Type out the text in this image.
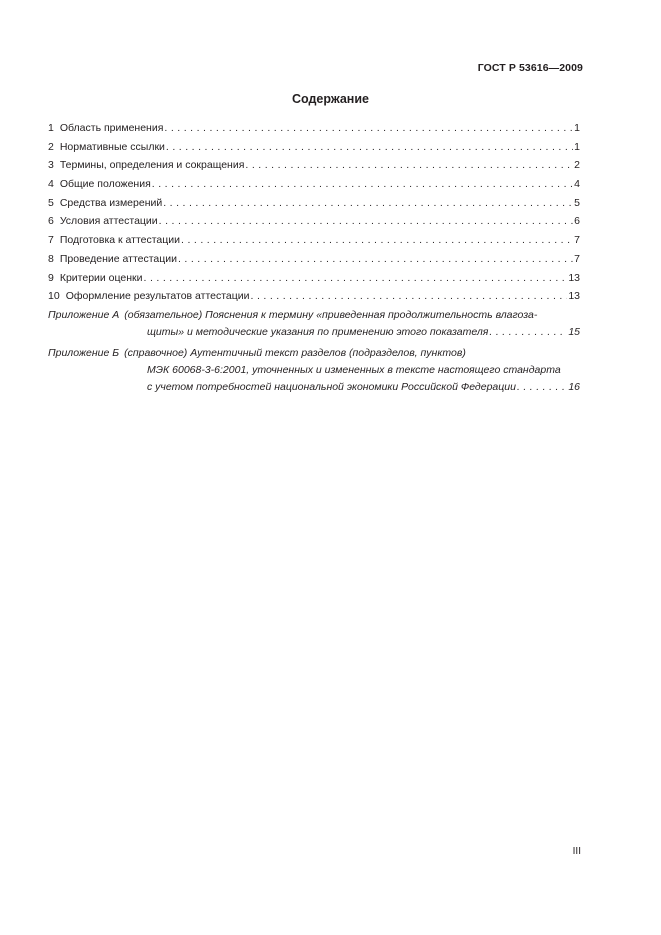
ГОСТ Р 53616—2009
Содержание
1 Область применения . . .	1
2 Нормативные ссылки . . .	1
3 Термины, определения и сокращения . . .	2
4 Общие положения . . .	4
5 Средства измерений . . .	5
6 Условия аттестации . . .	6
7 Подготовка к аттестации . . .	7
8 Проведение аттестации . . .	7
9 Критерии оценки . . .	13
10 Оформление результатов аттестации . . .	13
Приложение А (обязательное) Пояснения к термину «приведенная продолжительность влагоза-
щиты» и методические указания по применению этого показателя . . .	15
Приложение Б (справочное) Аутентичный текст разделов (подразделов, пунктов)
МЭК 60068-3-6:2001, уточненных и измененных в тексте настоящего стандарта
с учетом потребностей национальной экономики Российской Федерации . . .	16
III
